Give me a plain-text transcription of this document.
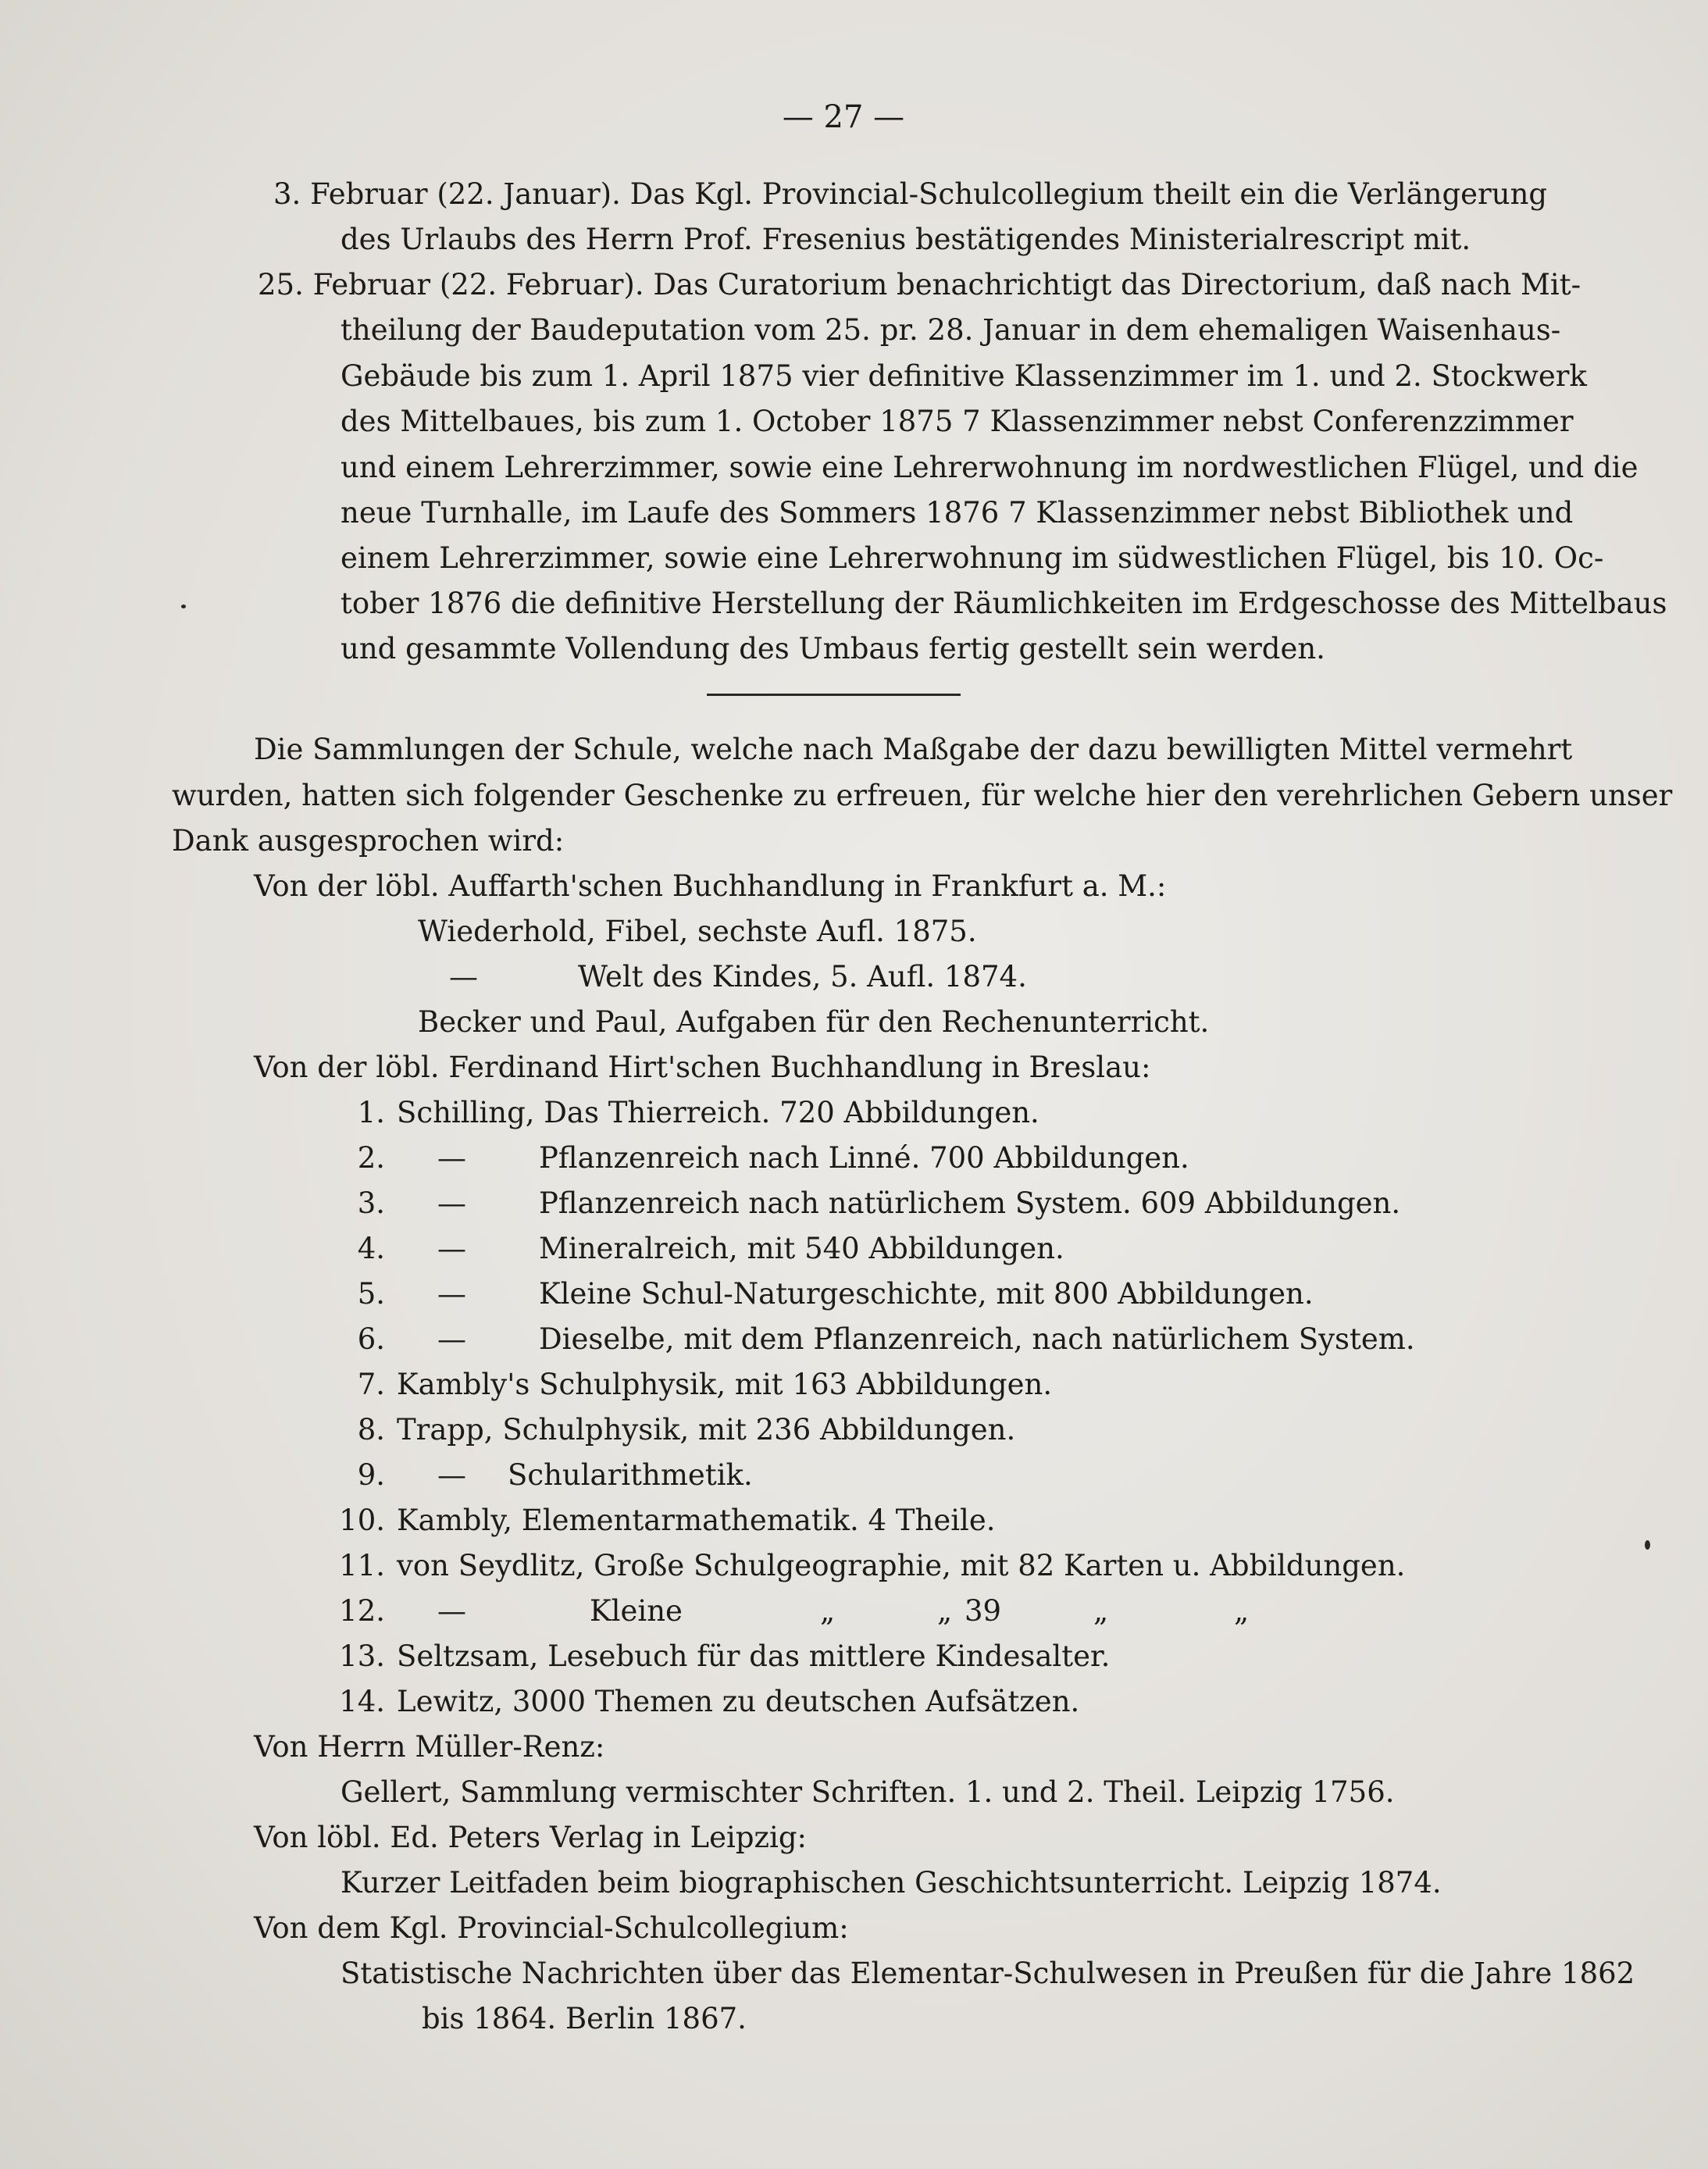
— 27 —
3. Februar (22. Januar). Das Kgl. Provincial-Schulcollegium theilt ein die Verlängerung
des Urlaubs des Herrn Prof. Fresenius bestätigendes Ministerialrescript mit.
25. Februar (22. Februar). Das Curatorium benachrichtigt das Directorium, daß nach Mit-
theilung der Baudeputation vom 25. pr. 28. Januar in dem ehemaligen Waisenhaus-
Gebäude bis zum 1. April 1875 vier definitive Klassenzimmer im 1. und 2. Stockwerk
des Mittelbaues, bis zum 1. October 1875 7 Klassenzimmer nebst Conferenzzimmer
und einem Lehrerzimmer, sowie eine Lehrerwohnung im nordwestlichen Flügel, und die
neue Turnhalle, im Laufe des Sommers 1876 7 Klassenzimmer nebst Bibliothek und
einem Lehrerzimmer, sowie eine Lehrerwohnung im südwestlichen Flügel, bis 10. Oc-
tober 1876 die definitive Herstellung der Räumlichkeiten im Erdgeschosse des Mittelbaus
und gesammte Vollendung des Umbaus fertig gestellt sein werden.
Die Sammlungen der Schule, welche nach Maßgabe der dazu bewilligten Mittel vermehrt
wurden, hatten sich folgender Geschenke zu erfreuen, für welche hier den verehrlichen Gebern unser
Dank ausgesprochen wird:
Von der löbl. Auffarth'schen Buchhandlung in Frankfurt a. M.:
Wiederhold, Fibel, sechste Aufl. 1875.
—	Welt des Kindes, 5. Aufl. 1874.
Becker und Paul, Aufgaben für den Rechenunterricht.
Von der löbl. Ferdinand Hirt'schen Buchhandlung in Breslau:
1. Schilling, Das Thierreich. 720 Abbildungen.
2. —	Pflanzenreich nach Linné. 700 Abbildungen.
3. —	Pflanzenreich nach natürlichem System. 609 Abbildungen.
4. —	Mineralreich, mit 540 Abbildungen.
5. —	Kleine Schul-Naturgeschichte, mit 800 Abbildungen.
6. —	Dieselbe, mit dem Pflanzenreich, nach natürlichem System.
7. Kambly's Schulphysik, mit 163 Abbildungen.
8. Trapp, Schulphysik, mit 236 Abbildungen.
9. — Schularithmetik.
10. Kambly, Elementarmathematik. 4 Theile.
11. von Seydlitz, Große Schulgeographie, mit 82 Karten u. Abbildungen.
12. —	Kleine	„	„ 39	„	„
13. Seltzsam, Lesebuch für das mittlere Kindesalter.
14. Lewitz, 3000 Themen zu deutschen Aufsätzen.
Von Herrn Müller-Renz:
Gellert, Sammlung vermischter Schriften. 1. und 2. Theil. Leipzig 1756.
Von löbl. Ed. Peters Verlag in Leipzig:
Kurzer Leitfaden beim biographischen Geschichtsunterricht. Leipzig 1874.
Von dem Kgl. Provincial-Schulcollegium:
Statistische Nachrichten über das Elementar-Schulwesen in Preußen für die Jahre 1862
bis 1864. Berlin 1867.
